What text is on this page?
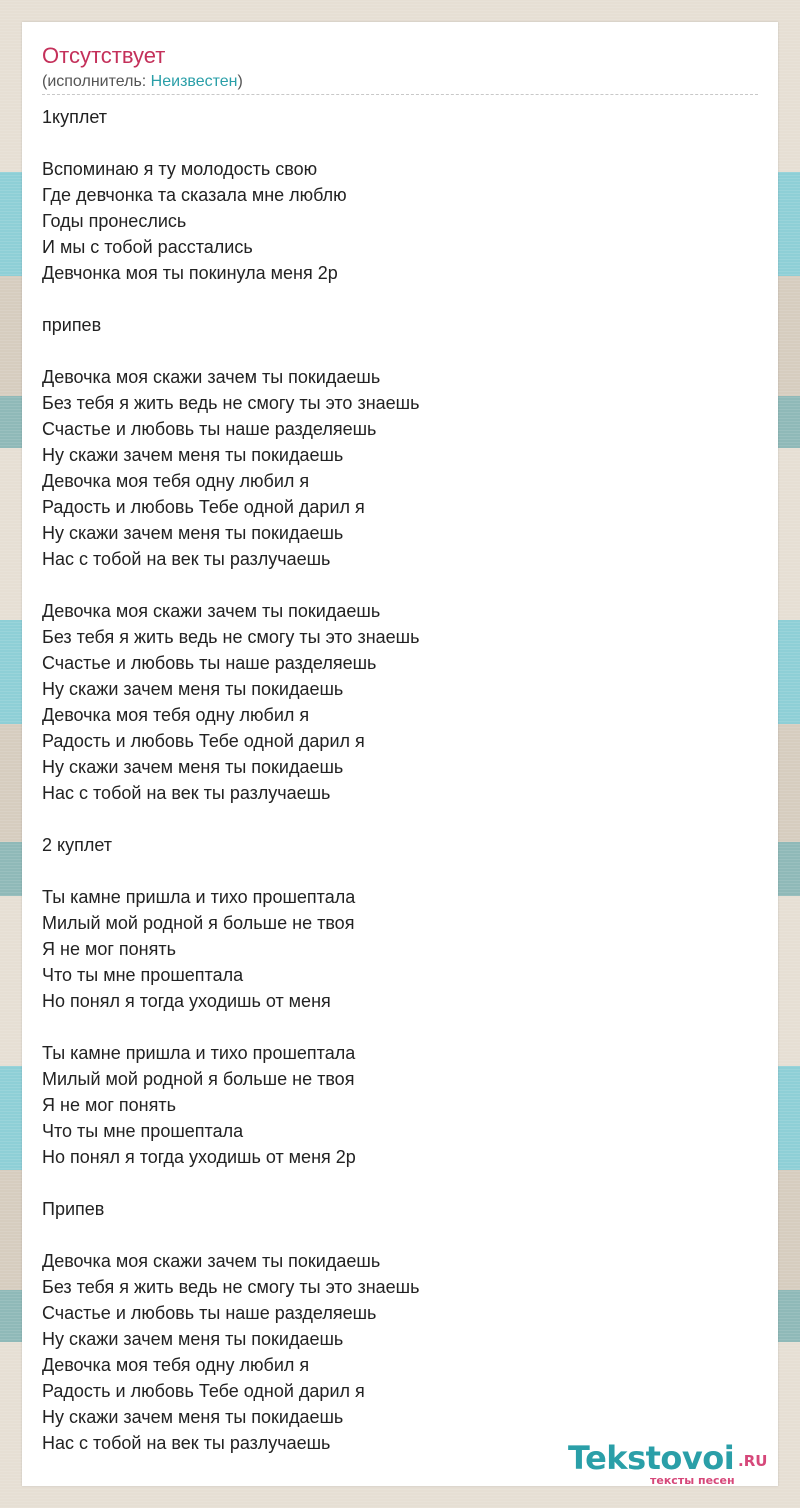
Отсутствует
(исполнитель: Неизвестен)
1куплет
Вспоминаю я ту молодость свою
Где девчонка та сказала мне люблю
Годы пронеслись
И мы с тобой расстались
Девчонка моя ты покинула меня 2р
припев
Девочка моя скажи зачем ты покидаешь
Без тебя я жить ведь не смогу ты это знаешь
Счастье и любовь ты наше разделяешь
Ну скажи зачем меня ты покидаешь
Девочка моя тебя одну любил я
Радость и любовь Тебе одной дарил я
Ну скажи зачем меня ты покидаешь
Нас с тобой на век ты разлучаешь
Девочка моя скажи зачем ты покидаешь
Без тебя я жить ведь не смогу ты это знаешь
Счастье и любовь ты наше разделяешь
Ну скажи зачем меня ты покидаешь
Девочка моя тебя одну любил я
Радость и любовь Тебе одной дарил я
Ну скажи зачем меня ты покидаешь
Нас с тобой на век ты разлучаешь
2 куплет
Ты камне пришла и тихо прошептала
Милый мой родной я больше не твоя
Я не мог понять
Что ты мне прошептала
Но понял я тогда уходишь от меня
Ты камне пришла и тихо прошептала
Милый мой родной я больше не твоя
Я не мог понять
Что ты мне прошептала
Но понял я тогда уходишь от меня 2р
Припев
Девочка моя скажи зачем ты покидаешь
Без тебя я жить ведь не смогу ты это знаешь
Счастье и любовь ты наше разделяешь
Ну скажи зачем меня ты покидаешь
Девочка моя тебя одну любил я
Радость и любовь Тебе одной дарил я
Ну скажи зачем меня ты покидаешь
Нас с тобой на век ты разлучаешь	Tekstovoi .RU
тексты песен
